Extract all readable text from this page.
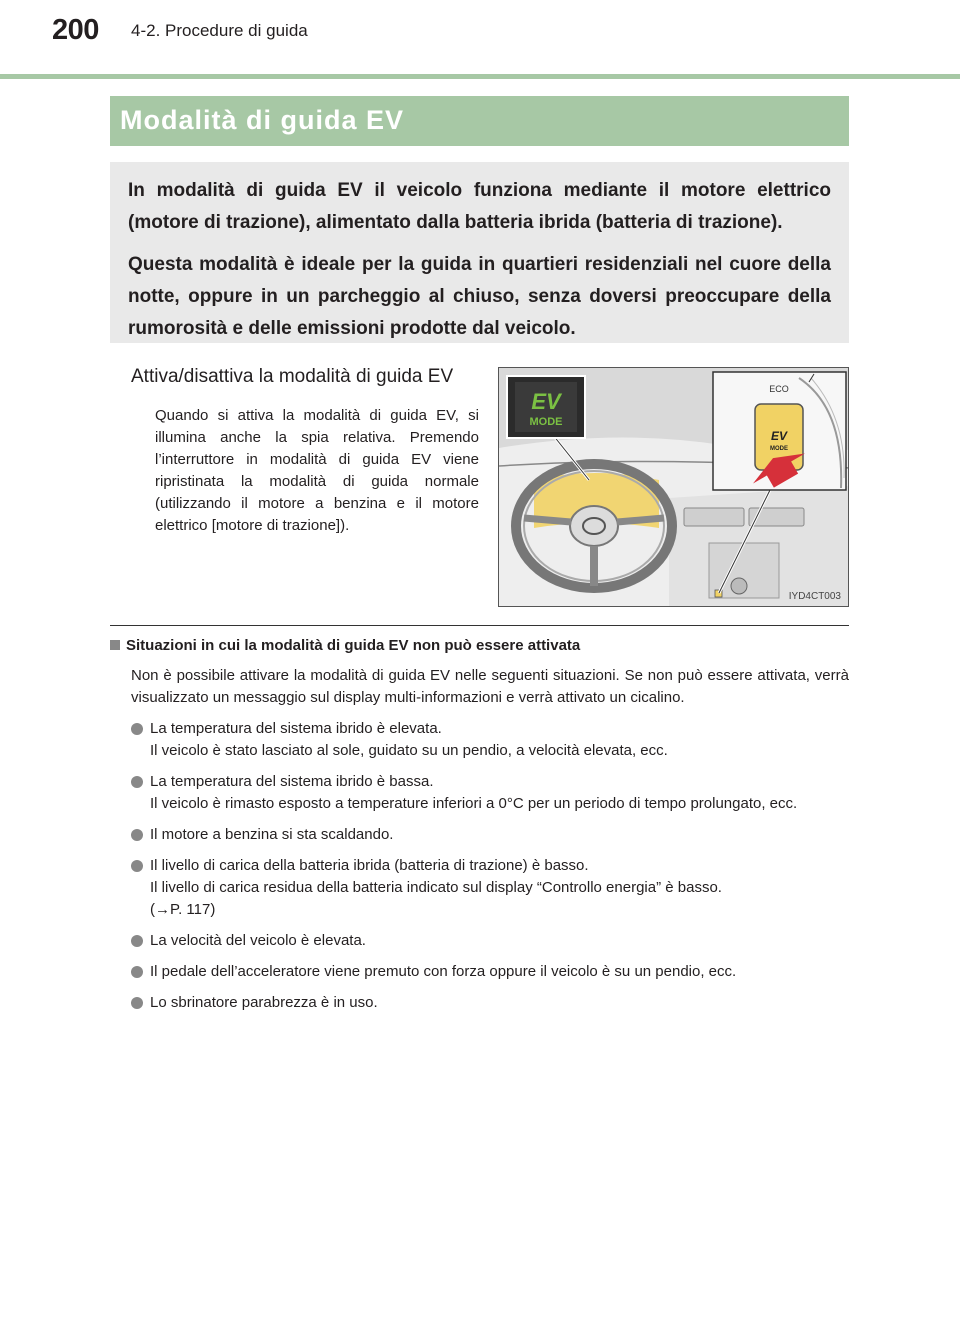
200 4-2. Procedure di guida
Modalità di guida EV

In modalità di guida EV il veicolo funziona mediante il motore elettrico (motore di trazione), alimentato dalla batteria ibrida (batteria di trazione).

Questa modalità è ideale per la guida in quartieri residenziali nel cuore della notte, oppure in un parcheggio al chiuso, senza doversi preoccupare della rumorosità e delle emissioni prodotte dal veicolo.

Attiva/disattiva la modalità di guida EV
Quando si attiva la modalità di guida EV, si illumina anche la spia relativa. Premendo l’interruttore in modalità di guida EV viene ripristinata la modalità di guida normale (utilizzando il motore a benzina e il motore elettrico [motore di trazione]).
EV
MODE
ECO
EV
MODE
IYD4CT003
Situazioni in cui la modalità di guida EV non può essere attivata
Non è possibile attivare la modalità di guida EV nelle seguenti situazioni. Se non può essere attivata, verrà visualizzato un messaggio sul display multi-informazioni e verrà attivato un cicalino.
La temperatura del sistema ibrido è elevata.
Il veicolo è stato lasciato al sole, guidato su un pendio, a velocità elevata, ecc.
La temperatura del sistema ibrido è bassa.
Il veicolo è rimasto esposto a temperature inferiori a 0°C per un periodo di tempo prolungato, ecc.
Il motore a benzina si sta scaldando.
Il livello di carica della batteria ibrida (batteria di trazione) è basso.
Il livello di carica residua della batteria indicato sul display “Controllo energia” è basso.
(→P. 117)
La velocità del veicolo è elevata.
Il pedale dell’acceleratore viene premuto con forza oppure il veicolo è su un pendio, ecc.
Lo sbrinatore parabrezza è in uso.
